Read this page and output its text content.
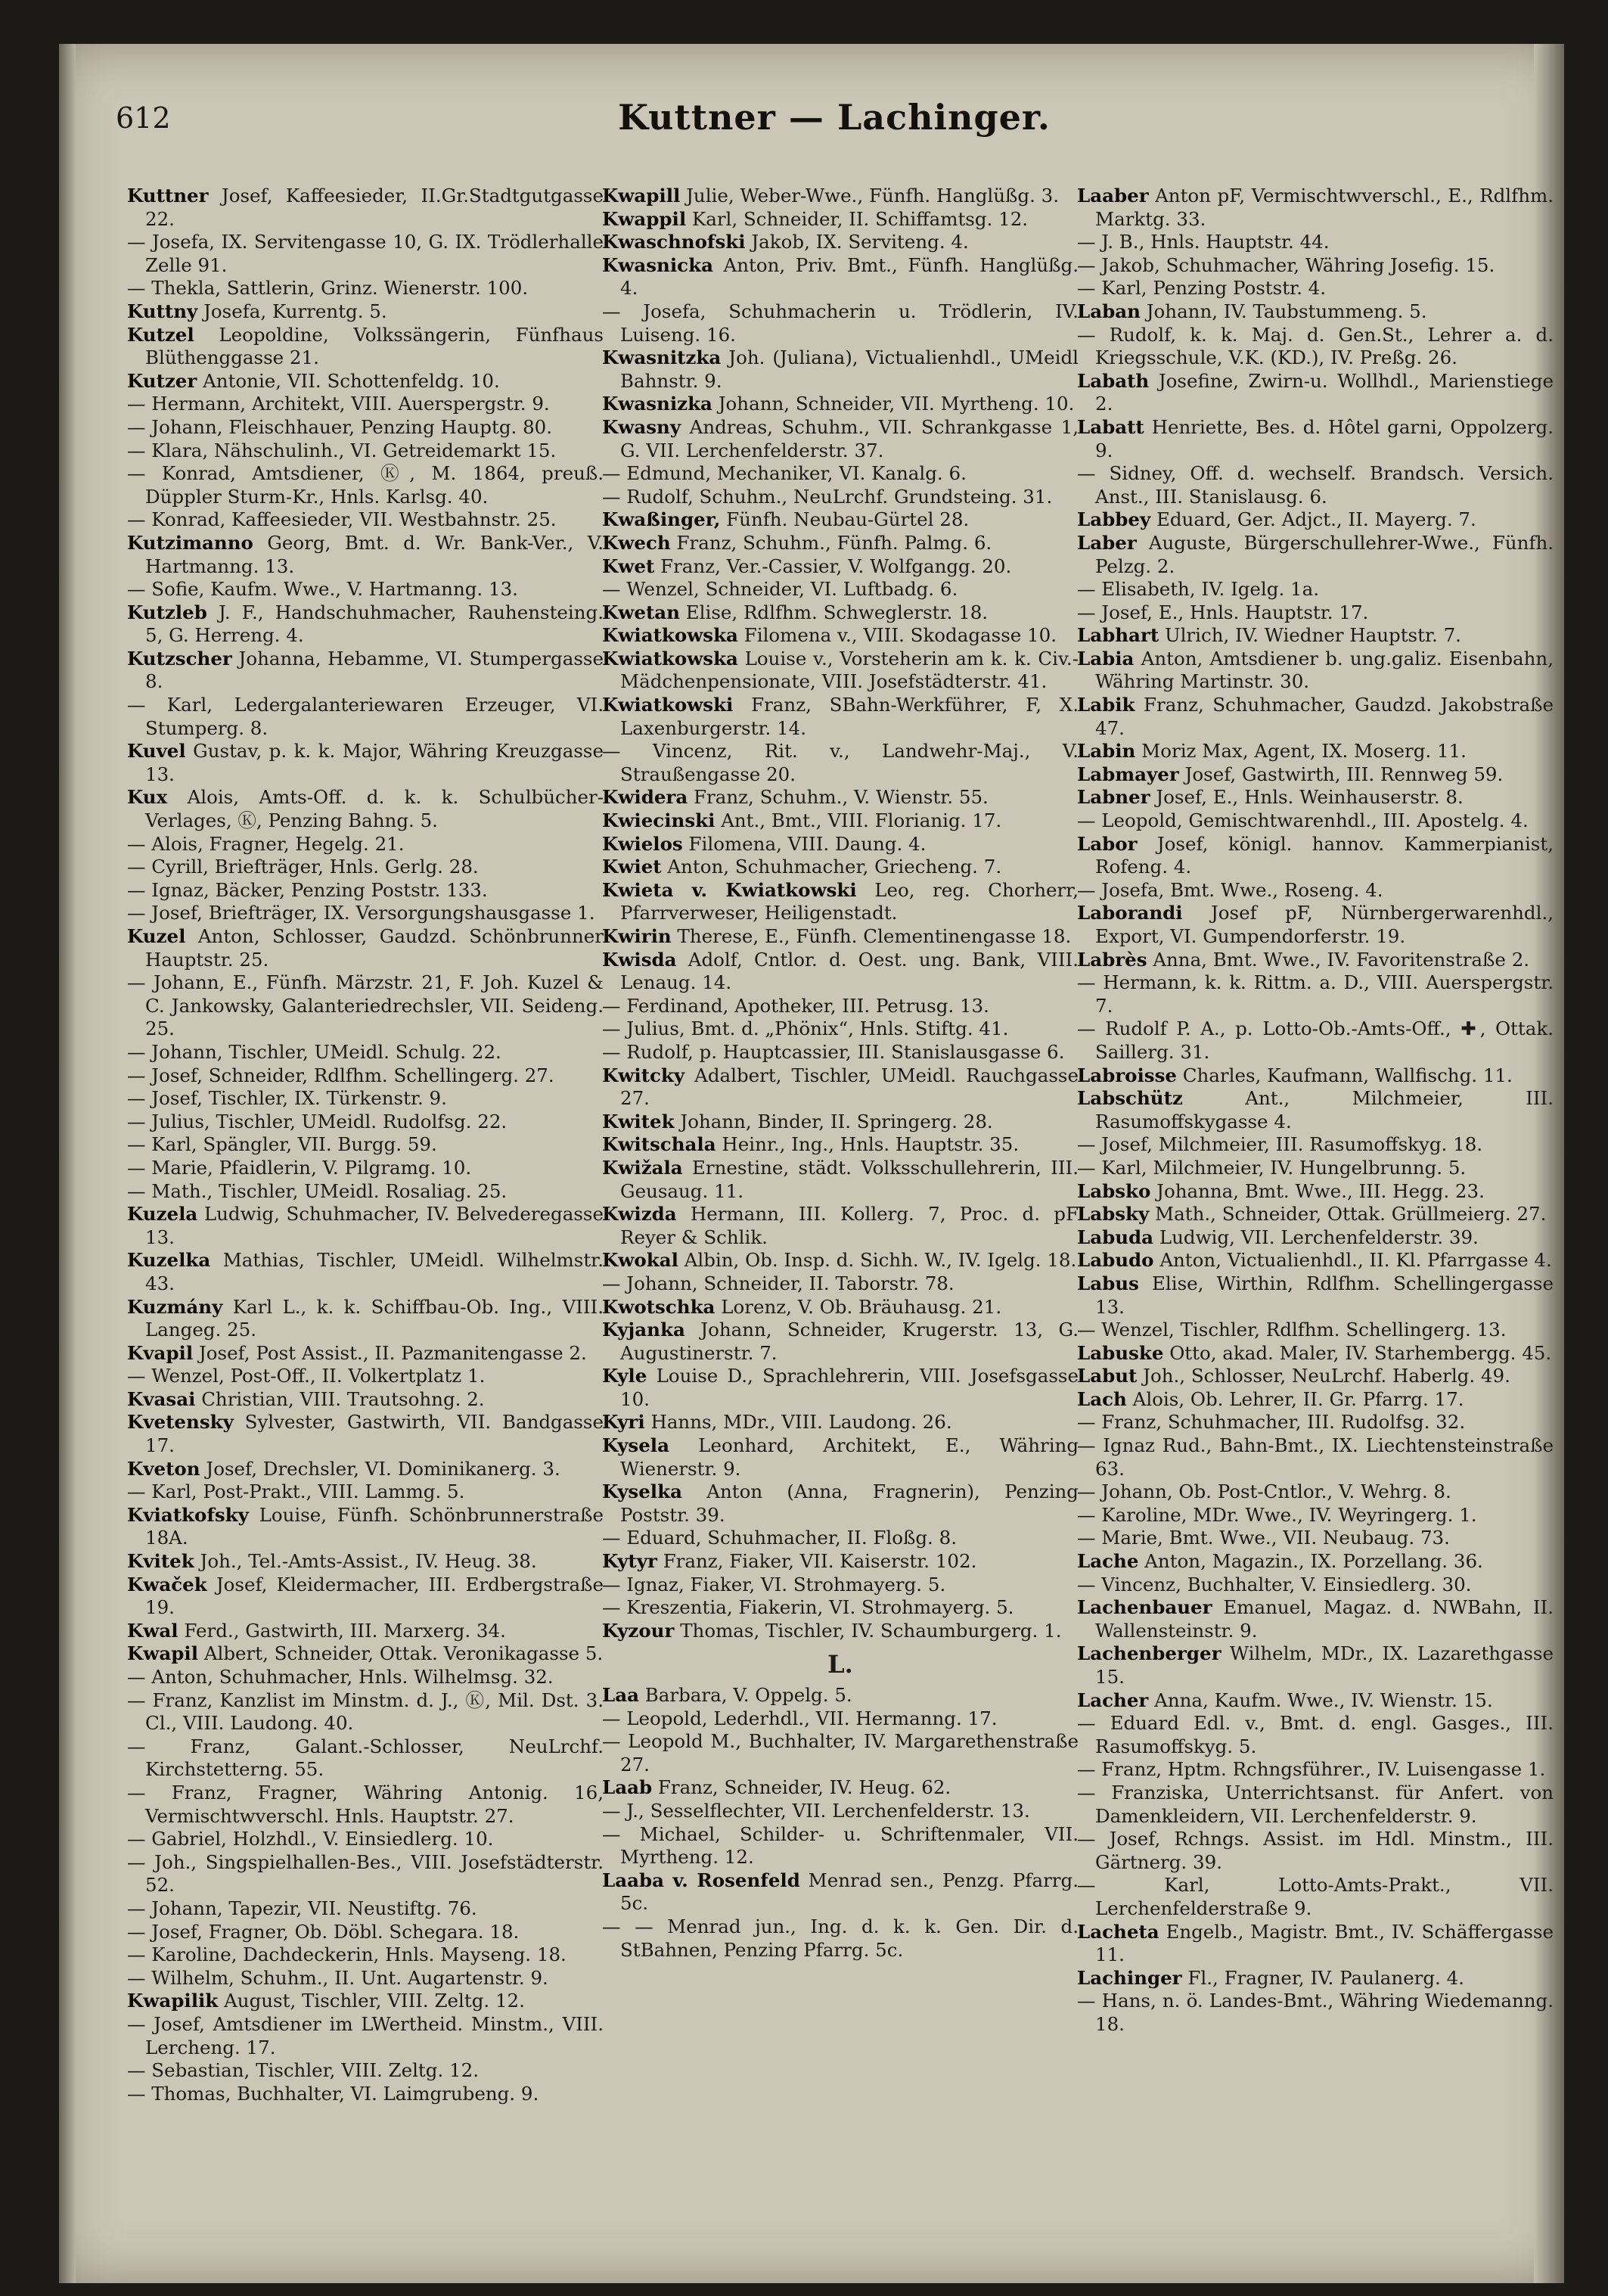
612	Kuttner — Lachinger.

Kuttner Josef, Kaffeesieder, II.Gr.Stadtgutgasse 22.

— Josefa, IX. Servitengasse 10, G. IX. Trödlerhalle Zelle 91.

— Thekla, Sattlerin, Grinz. Wienerstr. 100.

Kuttny Josefa, Kurrentg. 5.

Kutzel Leopoldine, Volkssängerin, Fünfhaus Blüthenggasse 21.

Kutzer Antonie, VII. Schottenfeldg. 10.

— Hermann, Architekt, VIII. Auerspergstr. 9.

— Johann, Fleischhauer, Penzing Hauptg. 80.

— Klara, Nähschulinh., VI. Getreidemarkt 15.

— Konrad, Amtsdiener, Ⓚ, M. 1864, preuß. Düppler Sturm-Kr., Hnls. Karlsg. 40.

— Konrad, Kaffeesieder, VII. Westbahnstr. 25.

Kutzimanno Georg, Bmt. d. Wr. Bank-Ver., V. Hartmanng. 13.

— Sofie, Kaufm. Wwe., V. Hartmanng. 13.

Kutzleb J. F., Handschuhmacher, Rauhensteing. 5, G. Herreng. 4.

Kutzscher Johanna, Hebamme, VI. Stumpergasse 8.

— Karl, Ledergalanteriewaren Erzeuger, VI. Stumperg. 8.

Kuvel Gustav, p. k. k. Major, Währing Kreuzgasse 13.

Kux Alois, Amts-Off. d. k. k. Schulbücher-Verlages, Ⓚ, Penzing Bahng. 5.

— Alois, Fragner, Hegelg. 21.

— Cyrill, Briefträger, Hnls. Gerlg. 28.

— Ignaz, Bäcker, Penzing Poststr. 133.

— Josef, Briefträger, IX. Versorgungshausgasse 1.

Kuzel Anton, Schlosser, Gaudzd. Schönbrunner Hauptstr. 25.

— Johann, E., Fünfh. Märzstr. 21, F. Joh. Kuzel & C. Jankowsky, Galanteriedrechsler, VII. Seideng. 25.

— Johann, Tischler, UMeidl. Schulg. 22.

— Josef, Schneider, Rdlfhm. Schellingerg. 27.

— Josef, Tischler, IX. Türkenstr. 9.

— Julius, Tischler, UMeidl. Rudolfsg. 22.

— Karl, Spängler, VII. Burgg. 59.

— Marie, Pfaidlerin, V. Pilgramg. 10.

— Math., Tischler, UMeidl. Rosaliag. 25.

Kuzela Ludwig, Schuhmacher, IV. Belvederegasse 13.

Kuzelka Mathias, Tischler, UMeidl. Wilhelmstr. 43.

Kuzmány Karl L., k. k. Schiffbau-Ob. Ing., VIII. Langeg. 25.

Kvapil Josef, Post Assist., II. Pazmanitengasse 2.

— Wenzel, Post-Off., II. Volkertplatz 1.

Kvasai Christian, VIII. Trautsohng. 2.

Kvetensky Sylvester, Gastwirth, VII. Bandgasse 17.

Kveton Josef, Drechsler, VI. Dominikanerg. 3.

— Karl, Post-Prakt., VIII. Lammg. 5.

Kviatkofsky Louise, Fünfh. Schönbrunnerstraße 18A.

Kvitek Joh., Tel.-Amts-Assist., IV. Heug. 38.

Kwaček Josef, Kleidermacher, III. Erdbergstraße 19.

Kwal Ferd., Gastwirth, III. Marxerg. 34.

Kwapil Albert, Schneider, Ottak. Veronikagasse 5.

— Anton, Schuhmacher, Hnls. Wilhelmsg. 32.

— Franz, Kanzlist im Minstm. d. J., Ⓚ, Mil. Dst. 3. Cl., VIII. Laudong. 40.

— Franz, Galant.-Schlosser, NeuLrchf. Kirchstetterng. 55.

— Franz, Fragner, Währing Antonig. 16, Vermischtwverschl. Hnls. Hauptstr. 27.

— Gabriel, Holzhdl., V. Einsiedlerg. 10.

— Joh., Singspielhallen-Bes., VIII. Josefstädterstr. 52.

— Johann, Tapezir, VII. Neustiftg. 76.

— Josef, Fragner, Ob. Döbl. Schegara. 18.

— Karoline, Dachdeckerin, Hnls. Mayseng. 18.

— Wilhelm, Schuhm., II. Unt. Augartenstr. 9.

Kwapilik August, Tischler, VIII. Zeltg. 12.

— Josef, Amtsdiener im LWertheid. Minstm., VIII. Lercheng. 17.

— Sebastian, Tischler, VIII. Zeltg. 12.

— Thomas, Buchhalter, VI. Laimgrubeng. 9.

Kwapill Julie, Weber-Wwe., Fünfh. Hanglüßg. 3.

Kwappil Karl, Schneider, II. Schiffamtsg. 12.

Kwaschnofski Jakob, IX. Serviteng. 4.

Kwasnicka Anton, Priv. Bmt., Fünfh. Hanglüßg. 4.

— Josefa, Schuhmacherin u. Trödlerin, IV. Luiseng. 16.

Kwasnitzka Joh. (Juliana), Victualienhdl., UMeidl Bahnstr. 9.

Kwasnizka Johann, Schneider, VII. Myrtheng. 10.

Kwasny Andreas, Schuhm., VII. Schrankgasse 1, G. VII. Lerchenfelderstr. 37.

— Edmund, Mechaniker, VI. Kanalg. 6.

— Rudolf, Schuhm., NeuLrchf. Grundsteing. 31.

Kwaßinger, Fünfh. Neubau-Gürtel 28.

Kwech Franz, Schuhm., Fünfh. Palmg. 6.

Kwet Franz, Ver.-Cassier, V. Wolfgangg. 20.

— Wenzel, Schneider, VI. Luftbadg. 6.

Kwetan Elise, Rdlfhm. Schweglerstr. 18.

Kwiatkowska Filomena v., VIII. Skodagasse 10.

Kwiatkowska Louise v., Vorsteherin am k. k. Civ.-Mädchenpensionate, VIII. Josefstädterstr. 41.

Kwiatkowski Franz, SBahn-Werkführer, F, X. Laxenburgerstr. 14.

— Vincenz, Rit. v., Landwehr-Maj., V. Straußengasse 20.

Kwidera Franz, Schuhm., V. Wienstr. 55.

Kwiecinski Ant., Bmt., VIII. Florianig. 17.

Kwielos Filomena, VIII. Daung. 4.

Kwiet Anton, Schuhmacher, Griecheng. 7.

Kwieta v. Kwiatkowski Leo, reg. Chorherr, Pfarrverweser, Heiligenstadt.

Kwirin Therese, E., Fünfh. Clementinengasse 18.

Kwisda Adolf, Cntlor. d. Oest. ung. Bank, VIII. Lenaug. 14.

— Ferdinand, Apotheker, III. Petrusg. 13.

— Julius, Bmt. d. „Phönix“, Hnls. Stiftg. 41.

— Rudolf, p. Hauptcassier, III. Stanislausgasse 6.

Kwitcky Adalbert, Tischler, UMeidl. Rauchgasse 27.

Kwitek Johann, Binder, II. Springerg. 28.

Kwitschala Heinr., Ing., Hnls. Hauptstr. 35.

Kwižala Ernestine, städt. Volksschullehrerin, III. Geusaug. 11.

Kwizda Hermann, III. Kollerg. 7, Proc. d. pF Reyer & Schlik.

Kwokal Albin, Ob. Insp. d. Sichh. W., IV. Igelg. 18.

— Johann, Schneider, II. Taborstr. 78.

Kwotschka Lorenz, V. Ob. Bräuhausg. 21.

Kyjanka Johann, Schneider, Krugerstr. 13, G. Augustinerstr. 7.

Kyle Louise D., Sprachlehrerin, VIII. Josefsgasse 10.

Kyri Hanns, MDr., VIII. Laudong. 26.

Kysela Leonhard, Architekt, E., Währing Wienerstr. 9.

Kyselka Anton (Anna, Fragnerin), Penzing Poststr. 39.

— Eduard, Schuhmacher, II. Floßg. 8.

Kytyr Franz, Fiaker, VII. Kaiserstr. 102.

— Ignaz, Fiaker, VI. Strohmayerg. 5.

— Kreszentia, Fiakerin, VI. Strohmayerg. 5.

Kyzour Thomas, Tischler, IV. Schaumburgerg. 1.

L.

Laa Barbara, V. Oppelg. 5.

— Leopold, Lederhdl., VII. Hermanng. 17.

— Leopold M., Buchhalter, IV. Margarethenstraße 27.

Laab Franz, Schneider, IV. Heug. 62.

— J., Sesselflechter, VII. Lerchenfelderstr. 13.

— Michael, Schilder- u. Schriftenmaler, VII. Myrtheng. 12.

Laaba v. Rosenfeld Menrad sen., Penzg. Pfarrg. 5c.

— — Menrad jun., Ing. d. k. k. Gen. Dir. d. StBahnen, Penzing Pfarrg. 5c.

Laaber Anton pF, Vermischtwverschl., E., Rdlfhm. Marktg. 33.

— J. B., Hnls. Hauptstr. 44.

— Jakob, Schuhmacher, Währing Josefig. 15.

— Karl, Penzing Poststr. 4.

Laban Johann, IV. Taubstummeng. 5.

— Rudolf, k. k. Maj. d. Gen.St., Lehrer a. d. Kriegsschule, V.K. (KD.), IV. Preßg. 26.

Labath Josefine, Zwirn-u. Wollhdl., Marienstiege 2.

Labatt Henriette, Bes. d. Hôtel garni, Oppolzerg. 9.

— Sidney, Off. d. wechself. Brandsch. Versich. Anst., III. Stanislausg. 6.

Labbey Eduard, Ger. Adjct., II. Mayerg. 7.

Laber Auguste, Bürgerschullehrer-Wwe., Fünfh. Pelzg. 2.

— Elisabeth, IV. Igelg. 1a.

— Josef, E., Hnls. Hauptstr. 17.

Labhart Ulrich, IV. Wiedner Hauptstr. 7.

Labia Anton, Amtsdiener b. ung.galiz. Eisenbahn, Währing Martinstr. 30.

Labik Franz, Schuhmacher, Gaudzd. Jakobstraße 47.

Labin Moriz Max, Agent, IX. Moserg. 11.

Labmayer Josef, Gastwirth, III. Rennweg 59.

Labner Josef, E., Hnls. Weinhauserstr. 8.

— Leopold, Gemischtwarenhdl., III. Apostelg. 4.

Labor Josef, königl. hannov. Kammerpianist, Rofeng. 4.

— Josefa, Bmt. Wwe., Roseng. 4.

Laborandi Josef pF, Nürnbergerwarenhdl., Export, VI. Gumpendorferstr. 19.

Labrès Anna, Bmt. Wwe., IV. Favoritenstraße 2.

— Hermann, k. k. Rittm. a. D., VIII. Auerspergstr. 7.

— Rudolf P. A., p. Lotto-Ob.-Amts-Off., ✚, Ottak. Saillerg. 31.

Labroisse Charles, Kaufmann, Wallfischg. 11.

Labschütz	Ant., Milchmeier, III. Rasumoffskygasse 4.

— Josef, Milchmeier, III. Rasumoffskyg. 18.

— Karl, Milchmeier, IV. Hungelbrunng. 5.

Labsko Johanna, Bmt. Wwe., III. Hegg. 23.

Labsky Math., Schneider, Ottak. Grüllmeierg. 27.

Labuda Ludwig, VII. Lerchenfelderstr. 39.

Labudo Anton, Victualienhdl., II. Kl. Pfarrgasse 4.

Labus Elise, Wirthin, Rdlfhm. Schellingergasse 13.

— Wenzel, Tischler, Rdlfhm. Schellingerg. 13.

Labuske Otto, akad. Maler, IV. Starhembergg. 45.

Labut Joh., Schlosser, NeuLrchf. Haberlg. 49.

Lach Alois, Ob. Lehrer, II. Gr. Pfarrg. 17.

— Franz, Schuhmacher, III. Rudolfsg. 32.

— Ignaz Rud., Bahn-Bmt., IX. Liechtensteinstraße 63.

— Johann, Ob. Post-Cntlor., V. Wehrg. 8.

— Karoline, MDr. Wwe., IV. Weyringerg. 1.

— Marie, Bmt. Wwe., VII. Neubaug. 73.

Lache Anton, Magazin., IX. Porzellang. 36.

— Vincenz, Buchhalter, V. Einsiedlerg. 30.

Lachenbauer Emanuel, Magaz. d. NWBahn, II. Wallensteinstr. 9.

Lachenberger Wilhelm, MDr., IX. Lazarethgasse 15.

Lacher Anna, Kaufm. Wwe., IV. Wienstr. 15.

— Eduard Edl. v., Bmt. d. engl. Gasges., III. Rasumoffskyg. 5.

— Franz, Hptm. Rchngsführer., IV. Luisengasse 1.

— Franziska, Unterrichtsanst. für Anfert. von Damenkleidern, VII. Lerchenfelderstr. 9.

— Josef, Rchngs. Assist. im Hdl. Minstm., III. Gärtnerg. 39.

— Karl, Lotto-Amts-Prakt., VII. Lerchenfelderstraße 9.

Lacheta Engelb., Magistr. Bmt., IV. Schäffergasse 11.

Lachinger Fl., Fragner, IV. Paulanerg. 4.

— Hans, n. ö. Landes-Bmt., Währing Wiedemanng. 18.
